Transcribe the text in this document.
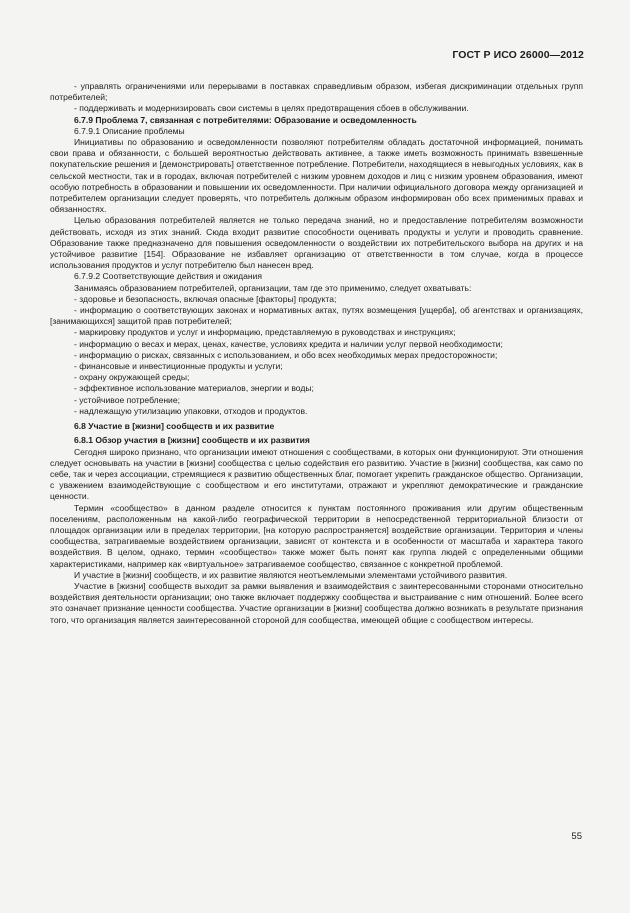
ГОСТ Р ИСО 26000—2012

- управлять ограничениями или перерывами в поставках справедливым образом, избегая дискриминации отдельных групп потребителей;

- поддерживать и модернизировать свои системы в целях предотвращения сбоев в обслуживании.

6.7.9 Проблема 7, связанная с потребителями: Образование и осведомленность

6.7.9.1 Описание проблемы

Инициативы по образованию и осведомленности позволяют потребителям обладать достаточной информацией, понимать свои права и обязанности, с большей вероятностью действовать активнее, а также иметь возможность принимать взвешенные покупательские решения и [демонстрировать] ответственное потребление. Потребители, находящиеся в невыгодных условиях, как в сельской местности, так и в городах, включая потребителей с низким уровнем доходов и лиц с низким уровнем образования, имеют особую потребность в образовании и повышении их осведомленности. При наличии официального договора между организацией и потребителем организации следует проверять, что потребитель должным образом информирован обо всех применимых правах и обязанностях.

Целью образования потребителей является не только передача знаний, но и предоставление потребителям возможности действовать, исходя из этих знаний. Сюда входит развитие способности оценивать продукты и услуги и проводить сравнение. Образование также предназначено для повышения осведомленности о воздействии их потребительского выбора на других и на устойчивое развитие [154]. Образование не избавляет организацию от ответственности в том случае, когда в процессе использования продуктов и услуг потребителю был нанесен вред.

6.7.9.2 Соответствующие действия и ожидания

Занимаясь образованием потребителей, организации, там где это применимо, следует охватывать:

- здоровье и безопасность, включая опасные [факторы] продукта;

- информацию о соответствующих законах и нормативных актах, путях возмещения [ущерба], об агентствах и организациях, [занимающихся] защитой прав потребителей;

- маркировку продуктов и услуг и информацию, представляемую в руководствах и инструкциях;

- информацию о весах и мерах, ценах, качестве, условиях кредита и наличии услуг первой необходимости;

- информацию о рисках, связанных с использованием, и обо всех необходимых мерах предосторожности;

- финансовые и инвестиционные продукты и услуги;

- охрану окружающей среды;

- эффективное использование материалов, энергии и воды;

- устойчивое потребление;

- надлежащую утилизацию упаковки, отходов и продуктов.

6.8 Участие в [жизни] сообществ и их развитие

6.8.1 Обзор участия в [жизни] сообществ и их развития

Сегодня широко признано, что организации имеют отношения с сообществами, в которых они функционируют. Эти отношения следует основывать на участии в [жизни] сообщества с целью содействия его развитию. Участие в [жизни] сообщества, как само по себе, так и через ассоциации, стремящиеся к развитию общественных благ, помогает укрепить гражданское общество. Организации, с уважением взаимодействующие с сообществом и его институтами, отражают и укрепляют демократические и гражданские ценности.

Термин «сообщество» в данном разделе относится к пунктам постоянного проживания или другим общественным поселениям, расположенным на какой-либо географической территории в непосредственной территориальной близости от площадок организации или в пределах территории, [на которую распространяется] воздействие организации. Территория и члены сообщества, затрагиваемые воздействием организации, зависят от контекста и в особенности от масштаба и характера такого воздействия. В целом, однако, термин «сообщество» также может быть понят как группа людей с определенными общими характеристиками, например как «виртуальное» затрагиваемое сообщество, связанное с конкретной проблемой.

И участие в [жизни] сообществ, и их развитие являются неотъемлемыми элементами устойчивого развития.

Участие в [жизни] сообществ выходит за рамки выявления и взаимодействия с заинтересованными сторонами относительно воздействия деятельности организации; оно также включает поддержку сообщества и выстраивание с ним отношений. Более всего это означает признание ценности сообщества. Участие организации в [жизни] сообщества должно возникать в результате признания того, что организация является заинтересованной стороной для сообщества, имеющей общие с сообществом интересы.

55
